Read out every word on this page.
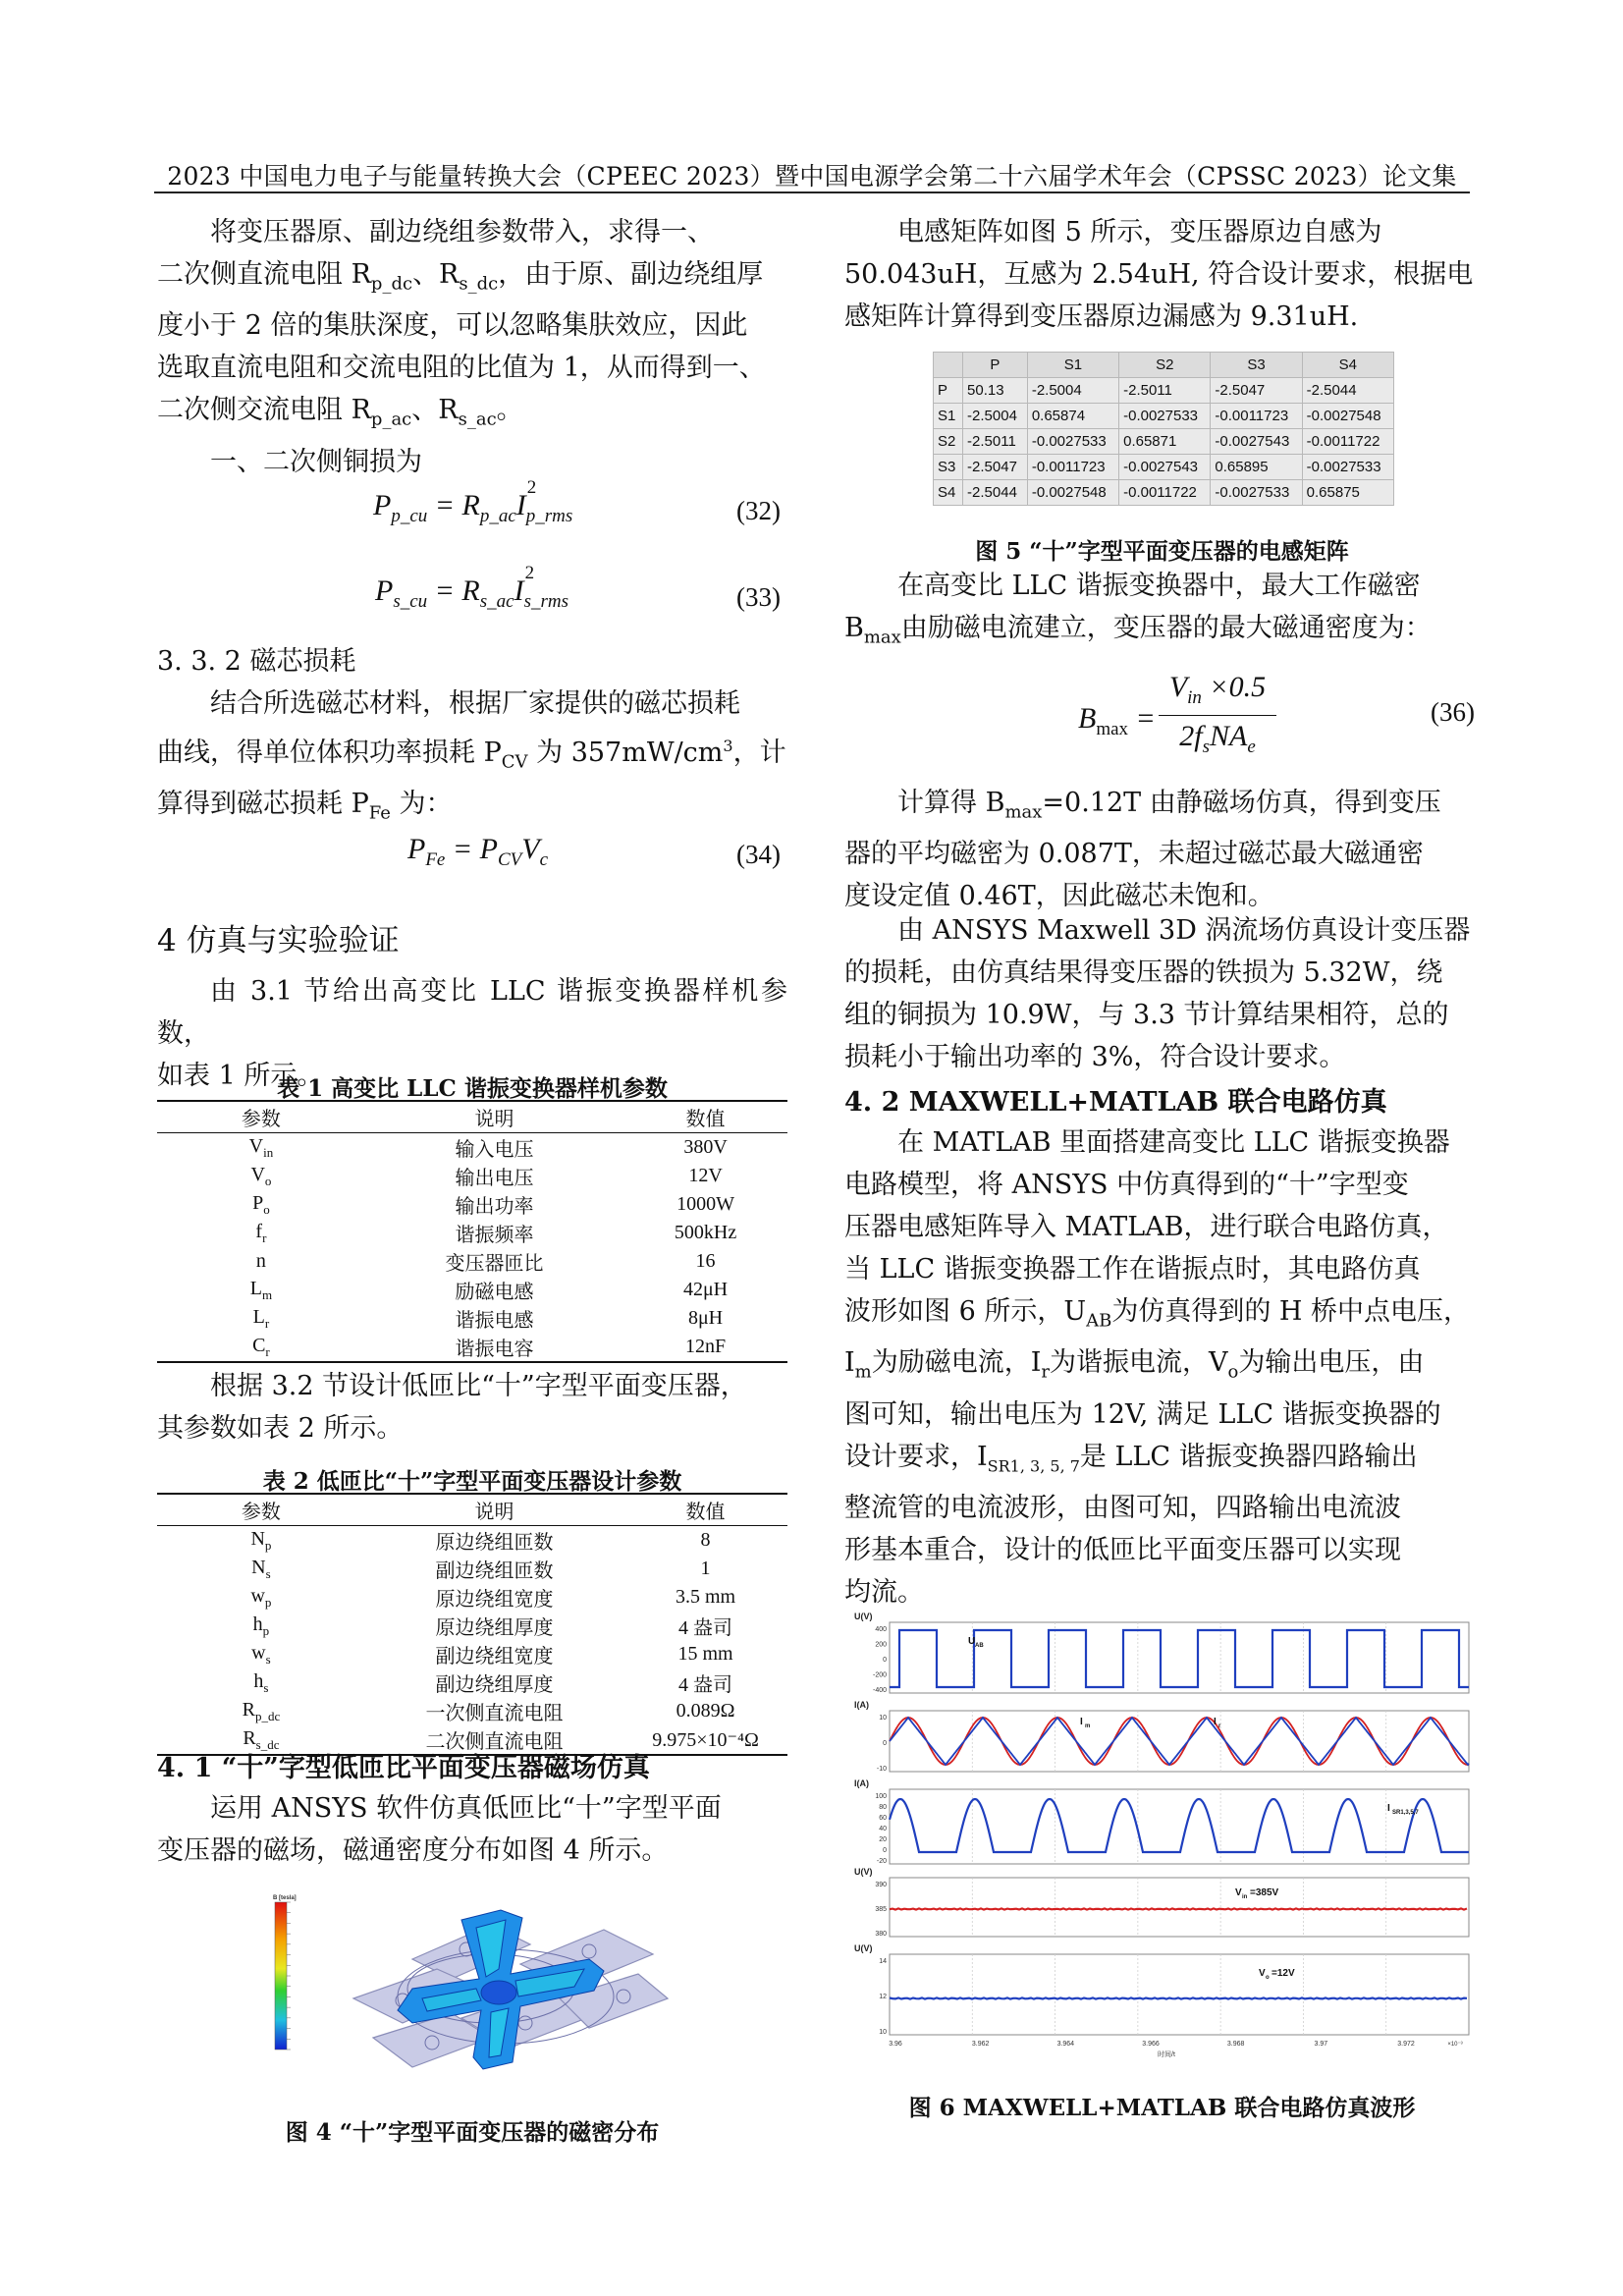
2023 中国电力电子与能量转换大会（CPEEC 2023）暨中国电源学会第二十六届学术年会（CPSSC 2023）论文集
将变压器原、副边绕组参数带入，求得一、
二次侧直流电阻 $R_{p\_dc}$、$R_{s\_dc}$，由于原、副边绕组厚
度小于 2 倍的集肤深度，可以忽略集肤效应，因此
选取直流电阻和交流电阻的比值为 1，从而得到一、
二次侧交流电阻 $R_{p\_ac}$、$R_{s\_ac}$。
一、二次侧铜损为
$P_{p\_cu} = R_{p\_ac}I$
2
$_{p\_rms}$	(32)
$P_{s\_cu} = R_{s\_ac}I$
2
$_{s\_rms}$	(33)
3. 3. 2 磁芯损耗
结合所选磁芯材料，根据厂家提供的磁芯损耗
曲线，得单位体积功率损耗 $P_{CV}$ 为 $357mW/cm^3$，计
算得到磁芯损耗 $P_{Fe}$ 为：
$P_{Fe} = P_{CV}V_c$	(34)
4 仿真与实验验证
由 3.1 节给出高变比 LLC 谐振变换器样机参数，
如表 1 所示。
表 1 高变比 LLC 谐振变换器样机参数
参数	说明	数值
$V_{in}$	输入电压	380V
$V_o$	输出电压	12V
$P_o$	输出功率	1000W
$f_r$	谐振频率	500kHz
n	变压器匝比	16
$L_m$	励磁电感	42μH
$L_r$	谐振电感	8μH
$C_r$	谐振电容	12nF
根据 3.2 节设计低匝比“十”字型平面变压器，
其参数如表 2 所示。
表 2 低匝比“十”字型平面变压器设计参数
参数	说明	数值
$N_p$	原边绕组匝数	8
$N_s$	副边绕组匝数	1
$w_p$	原边绕组宽度	3.5 mm
$h_p$	原边绕组厚度	4 盎司
$w_s$	副边绕组宽度	15 mm
$h_s$	副边绕组厚度	4 盎司
$R_{p\_dc}$	一次侧直流电阻	0.089Ω
$R_{s\_dc}$	二次侧直流电阻	9.975×10⁻⁴Ω
4. 1 “十”字型低匝比平面变压器磁场仿真
运用 ANSYS 软件仿真低匝比“十”字型平面
变压器的磁场，磁通密度分布如图 4 所示。
B [tesla]
图 4 “十”字型平面变压器的磁密分布
电感矩阵如图 5 所示，变压器原边自感为
50.043uH，互感为 2.54uH, 符合设计要求，根据电
感矩阵计算得到变压器原边漏感为 9.31uH.
	P	S1	S2	S3	S4
P	50.13	-2.5004	-2.5011	-2.5047	-2.5044
S1	-2.5004	0.65874	-0.0027533	-0.0011723	-0.0027548
S2	-2.5011	-0.0027533	0.65871	-0.0027543	-0.0011722
S3	-2.5047	-0.0011723	-0.0027543	0.65895	-0.0027533
S4	-2.5044	-0.0027548	-0.0011722	-0.0027533	0.65875
图 5 “十”字型平面变压器的电感矩阵
在高变比 LLC 谐振变换器中，最大工作磁密
$B_{max}$由励磁电流建立，变压器的最大磁通密度为：
$B_{max}$ =
$V_{in} \times 0.5$
$2f_sNA_e$
(36)
计算得 $B_{max}=0.12T$ 由静磁场仿真，得到变压
器的平均磁密为 0.087T，未超过磁芯最大磁通密
度设定值 0.46T，因此磁芯未饱和。
由 ANSYS Maxwell 3D 涡流场仿真设计变压器
的损耗，由仿真结果得变压器的铁损为 5.32W，绕
组的铜损为 10.9W，与 3.3 节计算结果相符，总的
损耗小于输出功率的 3%，符合设计要求。
4. 2 MAXWELL+MATLAB 联合电路仿真
在 MATLAB 里面搭建高变比 LLC 谐振变换器
电路模型，将 ANSYS 中仿真得到的“十”字型变
压器电感矩阵导入 MATLAB，进行联合电路仿真，
当 LLC 谐振变换器工作在谐振点时，其电路仿真
波形如图 6 所示，$U_{AB}$为仿真得到的 H 桥中点电压，
$I_m$为励磁电流，$I_r$为谐振电流，$V_o$为输出电压，由
图可知，输出电压为 12V, 满足 LLC 谐振变换器的
设计要求，$I_{SR1, 3, 5, 7}$是 LLC 谐振变换器四路输出
整流管的电流波形，由图可知，四路输出电流波
形基本重合，设计的低匝比平面变压器可以实现
均流。
U(V)
400
200
0
-200
-400
I(A)
10
0
-10
I(A)
100
80
60
40
20
0
-20
U(V)
390
385
380
U(V)
14
12
10
U AB
I m	I r
I SR1,3,5,7
V in =385V
V o =12V
3.96	3.962	3.964	3.966	3.968	3.97	3.972
时间/t
×10⁻³
图 6 MAXWELL+MATLAB 联合电路仿真波形
